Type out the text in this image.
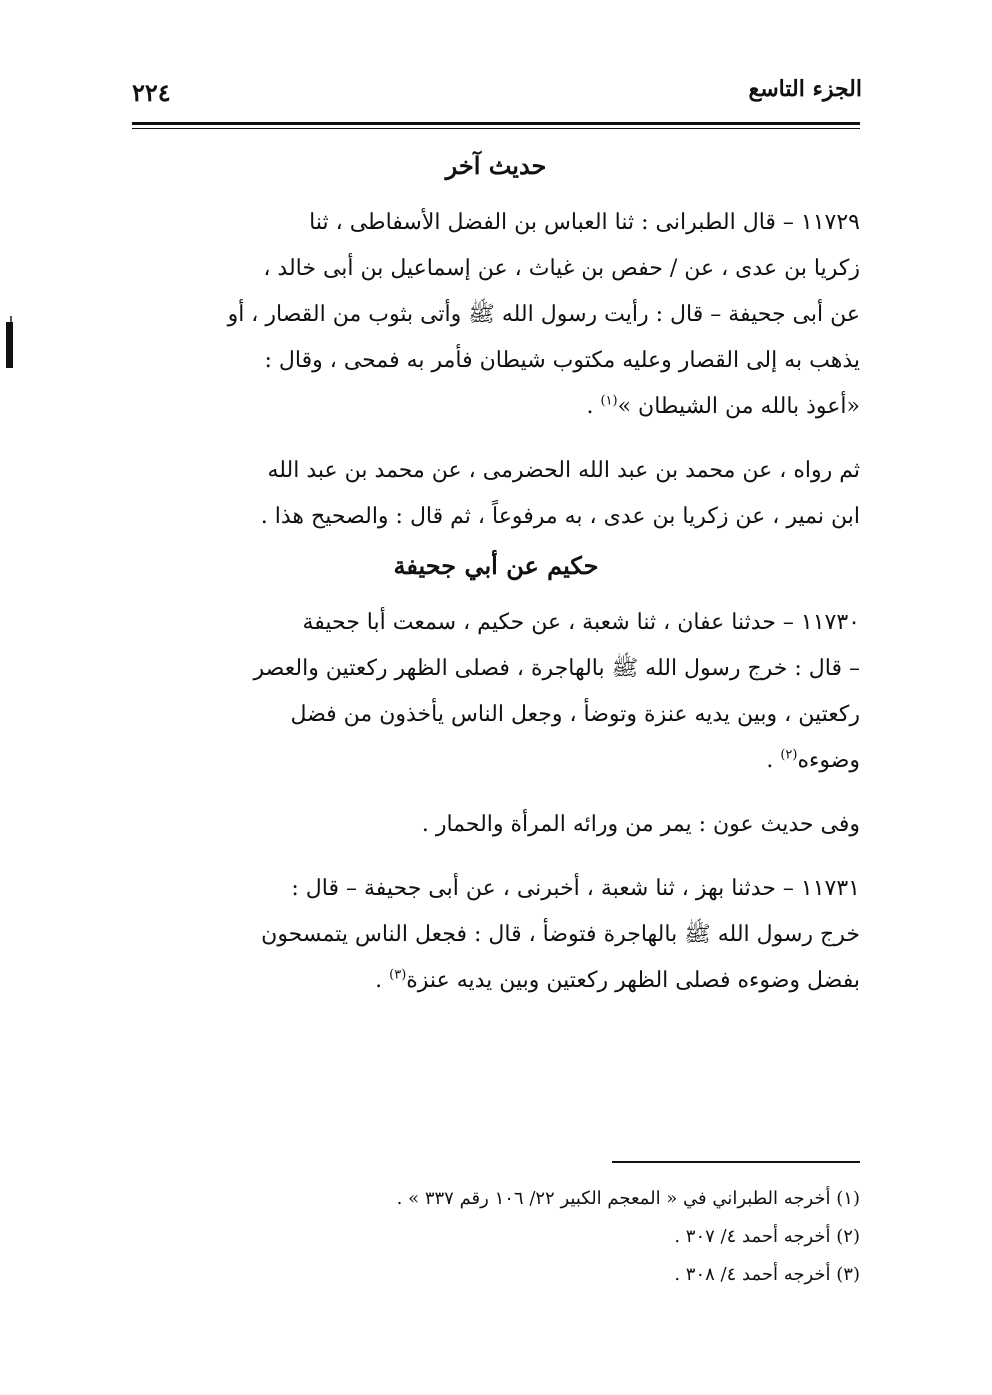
الجزء التاسع
٢٢٤
حديث آخر

١١٧٢٩ – قال الطبرانى : ثنا العباس بن الفضل الأسفاطى ، ثنا

زكريا بن عدى ، عن / حفص بن غياث ، عن إسماعيل بن أبى خالد ،

عن أبى جحيفة – قال : رأيت رسول الله ﷺ وأتى بثوب من القصار ، أو

يذهب به إلى القصار وعليه مكتوب شيطان فأمر به فمحى ، وقال :

«أعوذ بالله من الشيطان »$^{(١)}$ .

ثم رواه ، عن محمد بن عبد الله الحضرمى ، عن محمد بن عبد الله

ابن نمير ، عن زكريا بن عدى ، به مرفوعاً ، ثم قال : والصحيح هذا .

حكيم عن أبي جحيفة

١١٧٣٠ – حدثنا عفان ، ثنا شعبة ، عن حكيم ، سمعت أبا جحيفة

– قال : خرج رسول الله ﷺ بالهاجرة ، فصلى الظهر ركعتين والعصر

ركعتين ، وبين يديه عنزة وتوضأ ، وجعل الناس يأخذون من فضل

وضوءه$^{(٢)}$ .

وفى حديث عون : يمر من ورائه المرأة والحمار .

١١٧٣١ – حدثنا بهز ، ثنا شعبة ، أخبرنى ، عن أبى جحيفة – قال :

خرج رسول الله ﷺ بالهاجرة فتوضأ ، قال : فجعل الناس يتمسحون

بفضل وضوءه فصلى الظهر ركعتين وبين يديه عنزة$^{(٣)}$ .

(١) أخرجه الطبراني في « المعجم الكبير ٢٢/ ١٠٦ رقم ٣٣٧ » .

(٢) أخرجه أحمد ٤/ ٣٠٧ .

(٣) أخرجه أحمد ٤/ ٣٠٨ .
